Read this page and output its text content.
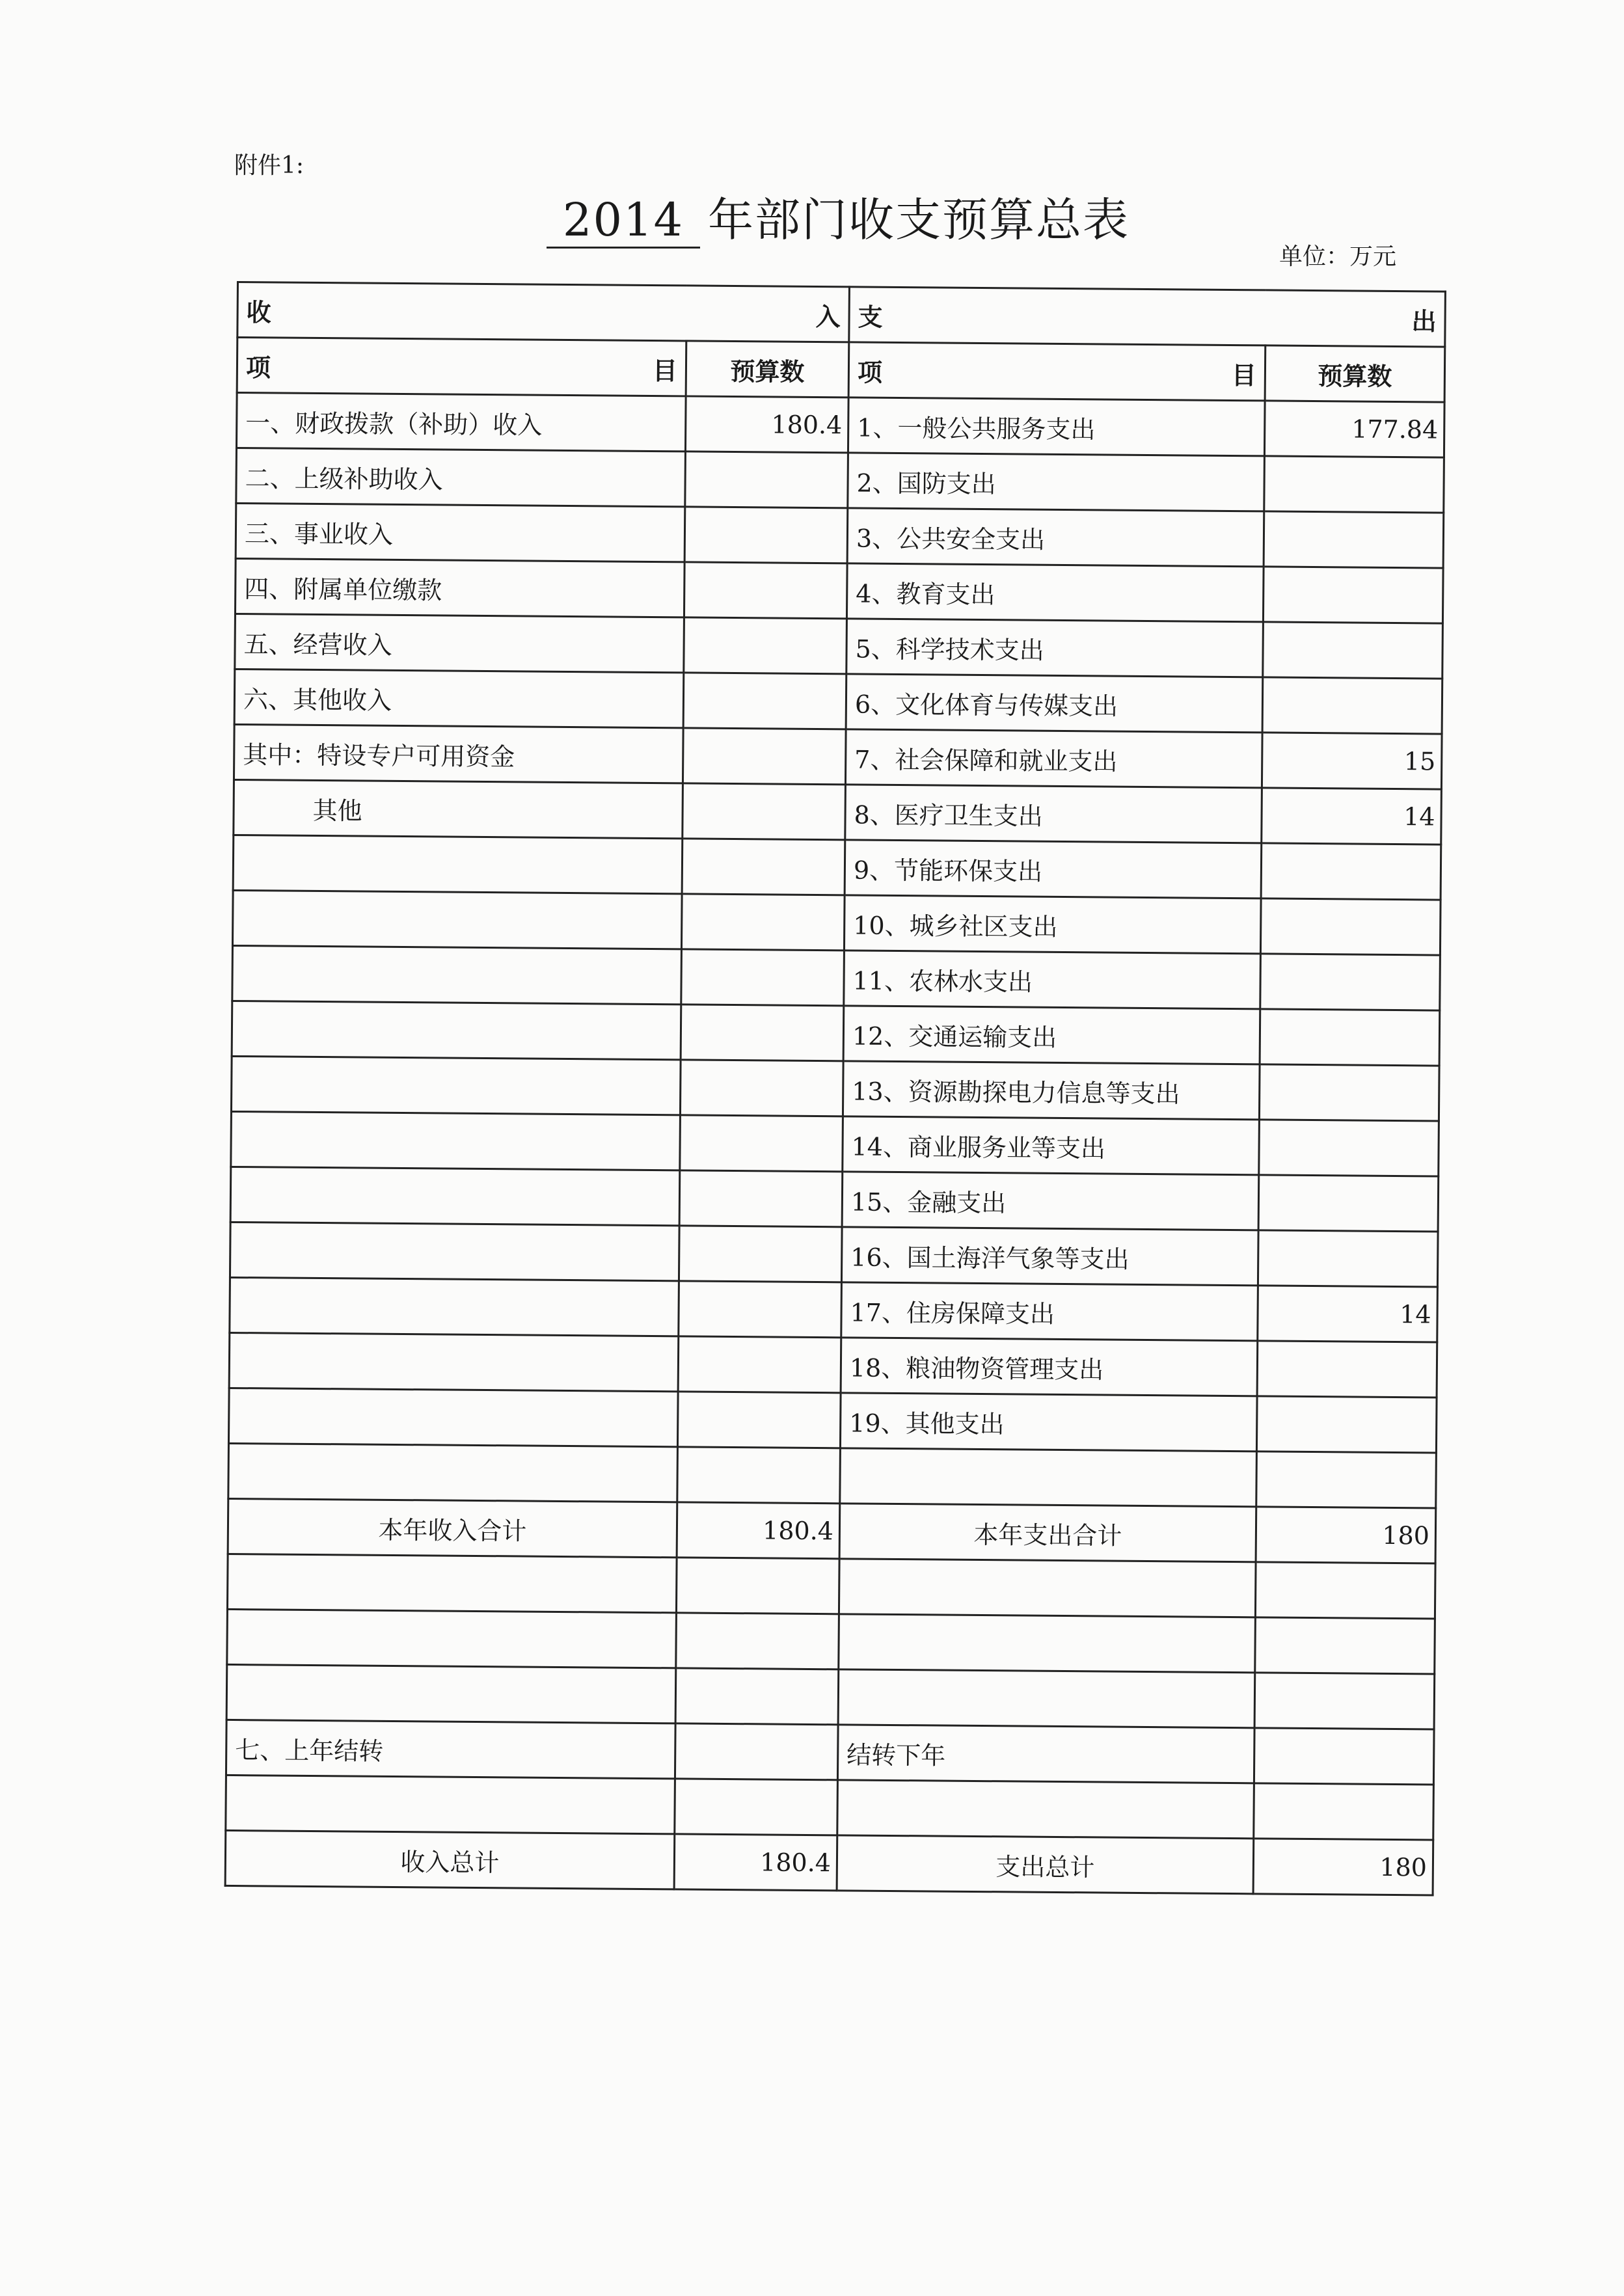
附件1:
2014 年部门收支预算总表
单位：万元
收 入		支 出	

项 目	预算数	项 目	预算数
一、财政拨款（补助）收入	180.4	1、一般公共服务支出	177.84
二、上级补助收入		2、国防支出	
三、事业收入		3、公共安全支出	
四、附属单位缴款		4、教育支出	
五、经营收入		5、科学技术支出	
六、其他收入		6、文化体育与传媒支出	
其中：特设专户可用资金		7、社会保障和就业支出	15
其他		8、医疗卫生支出	14
		9、节能环保支出	
		10、城乡社区支出	
		11、农林水支出	
		12、交通运输支出	
		13、资源勘探电力信息等支出	
		14、商业服务业等支出	
		15、金融支出	
		16、国土海洋气象等支出	
		17、住房保障支出	14
		18、粮油物资管理支出	
		19、其他支出	

本年收入合计	180.4	本年支出合计	180

七、上年结转		结转下年	

收入总计	180.4	支出总计	180
